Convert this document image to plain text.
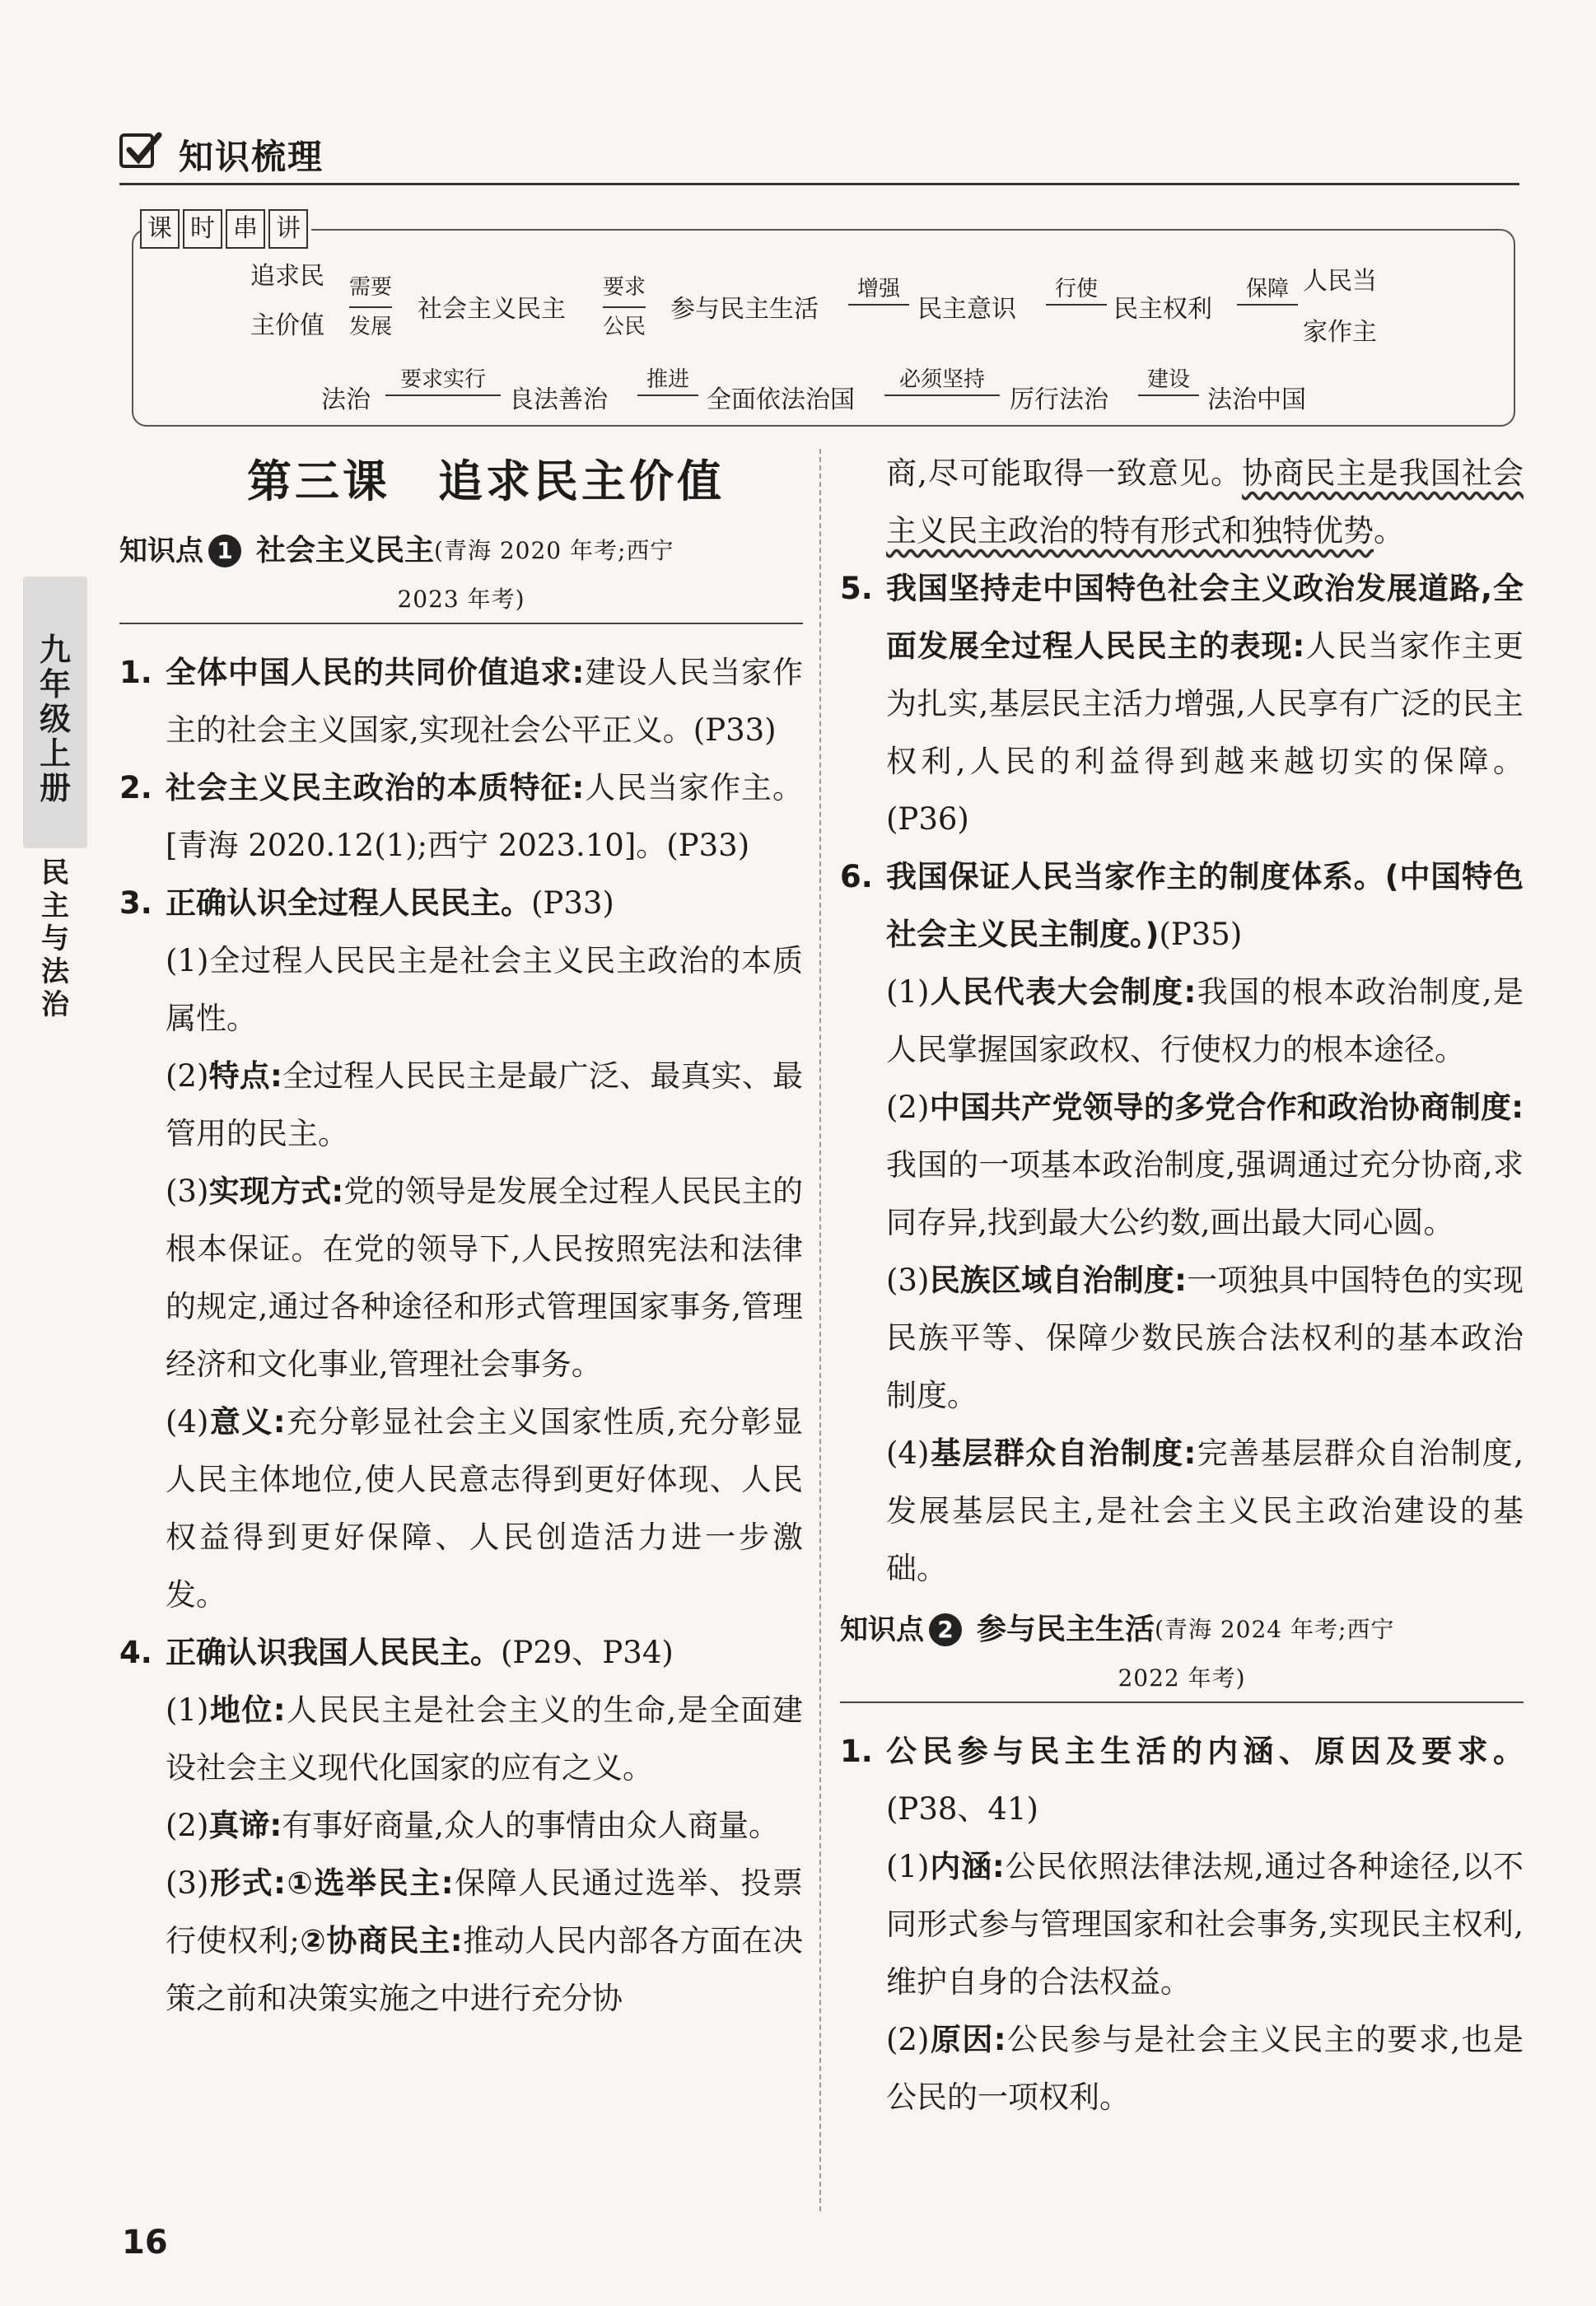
知识梳理
课 时 串 讲
追求民
主价值
需要
发展
社会主义民主
要求
公民
参与民主生活
增强
民主意识
行使
民主权利
保障 人民当
家作主
法治
要求实行
良法善治
推进
全面依法治国
必须坚持
厉行法治
建设
法治中国
九年级上册
民主与法治
第三课　追求民主价值
知识点 1 社会主义民主 (青海 2020 年考;西宁
2023 年考)
1. 全体中国人民的共同价值追求:建设人民当家作主的社会主义国家,实现社会公平正义。(P33)
2. 社会主义民主政治的本质特征:人民当家作主。[青海 2020.12(1);西宁 2023.10]。(P33)
3. 正确认识全过程人民民主。(P33)
(1)全过程人民民主是社会主义民主政治的本质属性。
(2)特点:全过程人民民主是最广泛、最真实、最管用的民主。
(3)实现方式:党的领导是发展全过程人民民主的根本保证。在党的领导下,人民按照宪法和法律的规定,通过各种途径和形式管理国家事务,管理经济和文化事业,管理社会事务。
(4)意义:充分彰显社会主义国家性质,充分彰显人民主体地位,使人民意志得到更好体现、人民权益得到更好保障、人民创造活力进一步激发。
4. 正确认识我国人民民主。(P29、P34)
(1)地位:人民民主是社会主义的生命,是全面建设社会主义现代化国家的应有之义。
(2)真谛:有事好商量,众人的事情由众人商量。
(3)形式:①选举民主:保障人民通过选举、投票行使权利;②协商民主:推动人民内部各方面在决策之前和决策实施之中进行充分协
商,尽可能取得一致意见。协商民主是我国社会主义民主政治的特有形式和独特优势。
5. 我国坚持走中国特色社会主义政治发展道路,全面发展全过程人民民主的表现:人民当家作主更为扎实,基层民主活力增强,人民享有广泛的民主权利,人民的利益得到越来越切实的保障。(P36)
6. 我国保证人民当家作主的制度体系。(中国特色社会主义民主制度。)(P35)
(1)人民代表大会制度:我国的根本政治制度,是人民掌握国家政权、行使权力的根本途径。
(2)中国共产党领导的多党合作和政治协商制度:我国的一项基本政治制度,强调通过充分协商,求同存异,找到最大公约数,画出最大同心圆。
(3)民族区域自治制度:一项独具中国特色的实现民族平等、保障少数民族合法权利的基本政治制度。
(4)基层群众自治制度:完善基层群众自治制度,发展基层民主,是社会主义民主政治建设的基础。
知识点 2 参与民主生活 (青海 2024 年考;西宁
2022 年考)
1. 公民参与民主生活的内涵、原因及要求。(P38、41)
(1)内涵:公民依照法律法规,通过各种途径,以不同形式参与管理国家和社会事务,实现民主权利,维护自身的合法权益。
(2)原因:公民参与是社会主义民主的要求,也是公民的一项权利。
16
